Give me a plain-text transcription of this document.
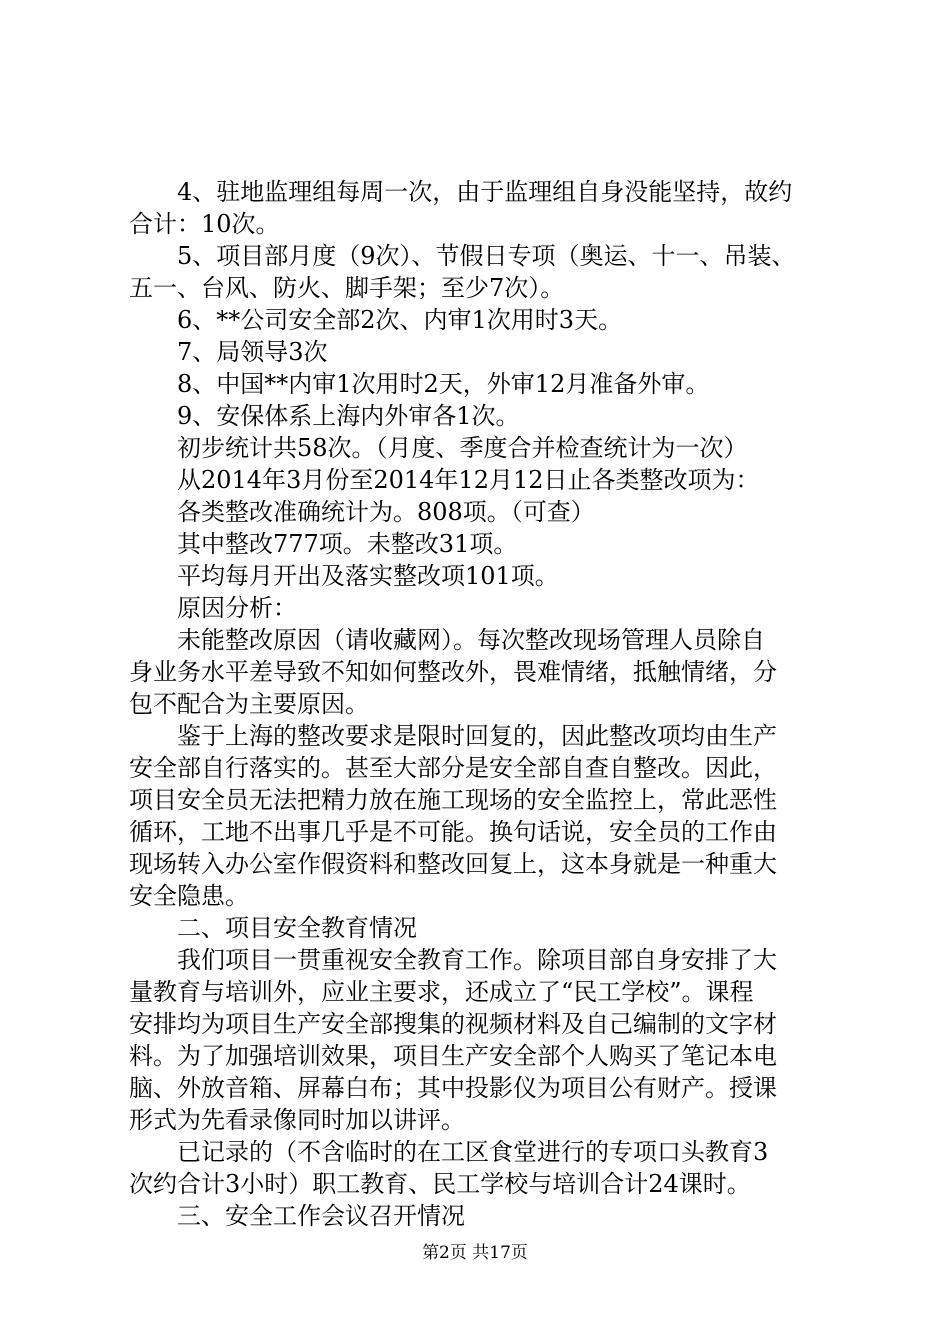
4、驻地监理组每周一次，由于监理组自身没能坚持，故约
合计：10次。
5、项目部月度（9次）、节假日专项（奥运、十一、吊装、
五一、台风、防火、脚手架；至少7次）。
6、**公司安全部2次、内审1次用时3天。
7、局领导3次
8、中国**内审1次用时2天，外审12月准备外审。
9、安保体系上海内外审各1次。
初步统计共58次。（月度、季度合并检查统计为一次）
从2014年3月份至2014年12月12日止各类整改项为：
各类整改准确统计为。808项。（可查）
其中整改777项。未整改31项。
平均每月开出及落实整改项101项。
原因分析：
未能整改原因（请收藏网）。每次整改现场管理人员除自
身业务水平差导致不知如何整改外，畏难情绪，抵触情绪，分
包不配合为主要原因。
鉴于上海的整改要求是限时回复的，因此整改项均由生产
安全部自行落实的。甚至大部分是安全部自查自整改。因此，
项目安全员无法把精力放在施工现场的安全监控上，常此恶性
循环，工地不出事几乎是不可能。换句话说，安全员的工作由
现场转入办公室作假资料和整改回复上，这本身就是一种重大
安全隐患。
二、项目安全教育情况
我们项目一贯重视安全教育工作。除项目部自身安排了大
量教育与培训外，应业主要求，还成立了“民工学校”。课程
安排均为项目生产安全部搜集的视频材料及自己编制的文字材
料。为了加强培训效果，项目生产安全部个人购买了笔记本电
脑、外放音箱、屏幕白布；其中投影仪为项目公有财产。授课
形式为先看录像同时加以讲评。
已记录的（不含临时的在工区食堂进行的专项口头教育3
次约合计3小时）职工教育、民工学校与培训合计24课时。
三、安全工作会议召开情况
第2页 共17页
